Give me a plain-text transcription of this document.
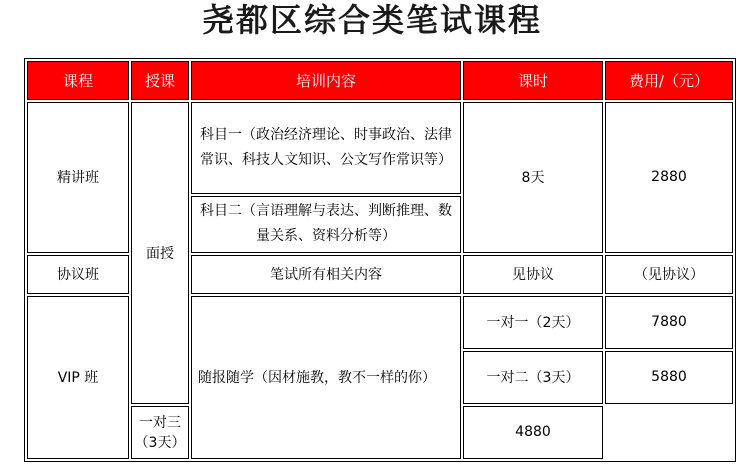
尧都区综合类笔试课程
课程	授课	培训内容	课时	费用/（元）
精讲班	面授	科目一（政治经济理论、时事政治、法律常识、科技人文知识、公文写作常识等）	8天	2880
		科目二（言语理解与表达、判断推理、数量关系、资料分析等）		
协议班		笔试所有相关内容	见协议	（见协议）
VIP 班		随报随学（因材施教，教不一样的你）	一对一（2天）	7880
			一对二（3天）	5880
	一对三（3天）		4880	
